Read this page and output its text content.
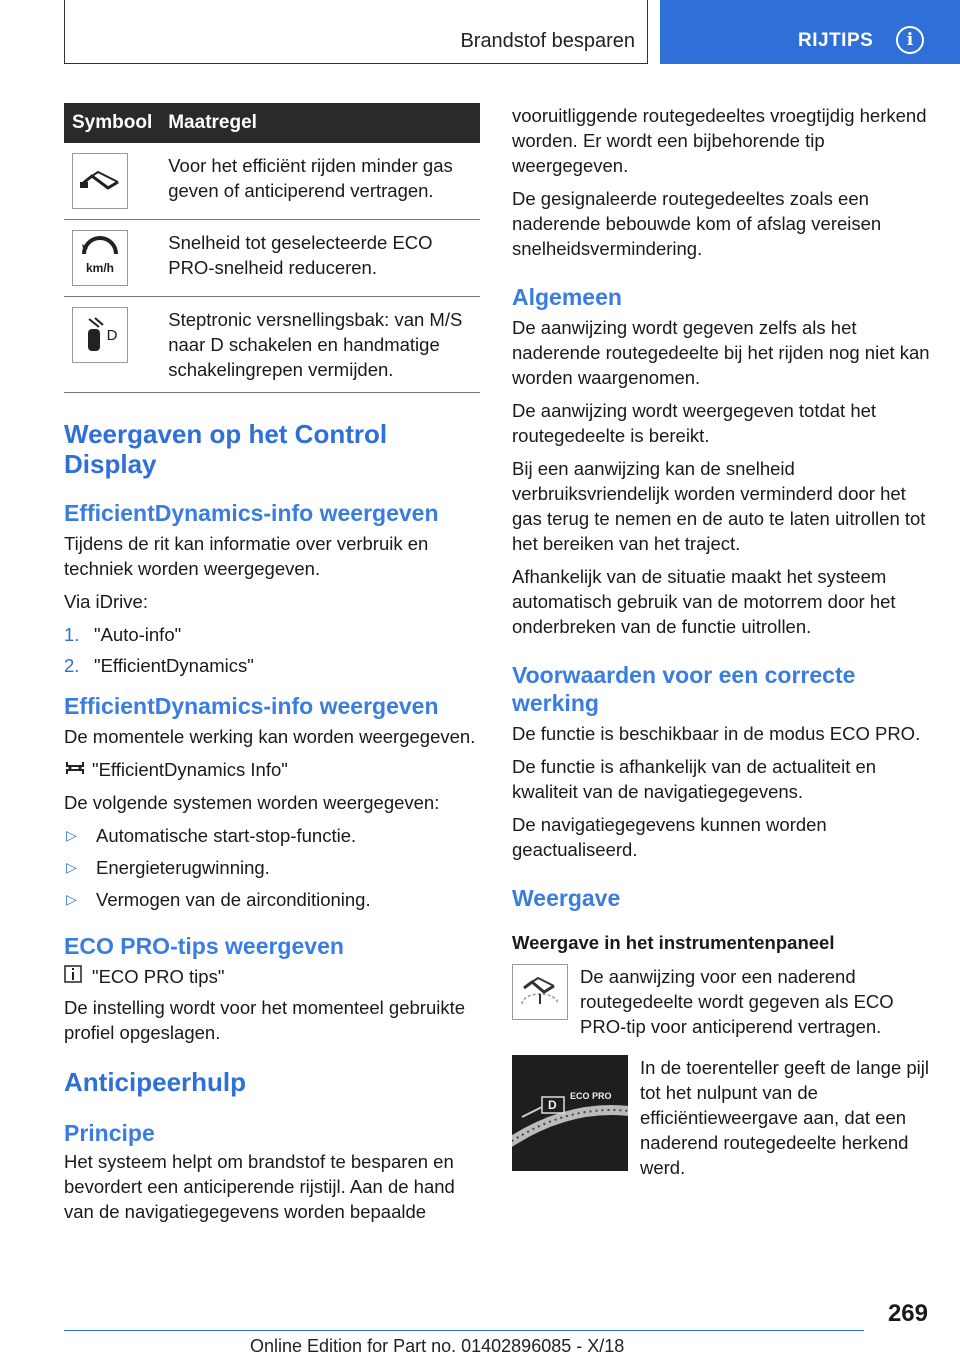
Brandstof besparen	RIJTIPS	i
Symbool	Maatregel

	Voor het efficiënt rijden minder gas geven of anticiperend vertragen.

km/h	Snelheid tot geselecteerde ECO PRO-snelheid reduceren.

D	Steptronic versnellingsbak: van M/S naar D schakelen en handmatige schakelingrepen vermijden.
Weergaven op het Control Display
EfficientDynamics-info weergeven

Tijdens de rit kan informatie over verbruik en techniek worden weergegeven.

Via iDrive:

1. "Auto-info"
2. "EfficientDynamics"
EfficientDynamics-info weergeven

De momentele werking kan worden weergegeven.

"EfficientDynamics Info"

De volgende systemen worden weergegeven:

▷	Automatische start-stop-functie.
▷	Energieterugwinning.
▷	Vermogen van de airconditioning.
ECO PRO-tips weergeven
"ECO PRO tips"

De instelling wordt voor het momenteel gebruikte profiel opgeslagen.

Anticipeerhulp
Principe

Het systeem helpt om brandstof te besparen en bevordert een anticiperende rijstijl. Aan de hand van de navigatiegegevens worden bepaalde

vooruitliggende routegedeeltes vroegtijdig herkend worden. Er wordt een bijbehorende tip weergegeven.

De gesignaleerde routegedeeltes zoals een naderende bebouwde kom of afslag vereisen snelheidsvermindering.

Algemeen

De aanwijzing wordt gegeven zelfs als het naderende routegedeelte bij het rijden nog niet kan worden waargenomen.

De aanwijzing wordt weergegeven totdat het routegedeelte is bereikt.

Bij een aanwijzing kan de snelheid verbruiksvriendelijk worden verminderd door het gas terug te nemen en de auto te laten uitrollen tot het bereiken van het traject.

Afhankelijk van de situatie maakt het systeem automatisch gebruik van de motorrem door het onderbreken van de functie uitrollen.

Voorwaarden voor een correcte werking

De functie is beschikbaar in de modus ECO PRO.

De functie is afhankelijk van de actualiteit en kwaliteit van de navigatiegegevens.

De navigatiegegevens kunnen worden geactualiseerd.

Weergave
Weergave in het instrumentenpaneel

De aanwijzing voor een naderend routegedeelte wordt gegeven als ECO PRO-tip voor anticiperend vertragen.

D
ECO PRO

In de toerenteller geeft de lange pijl tot het nulpunt van de efficiëntieweergave aan, dat een naderend routegedeelte herkend werd.

269
Online Edition for Part no. 01402896085 - X/18
